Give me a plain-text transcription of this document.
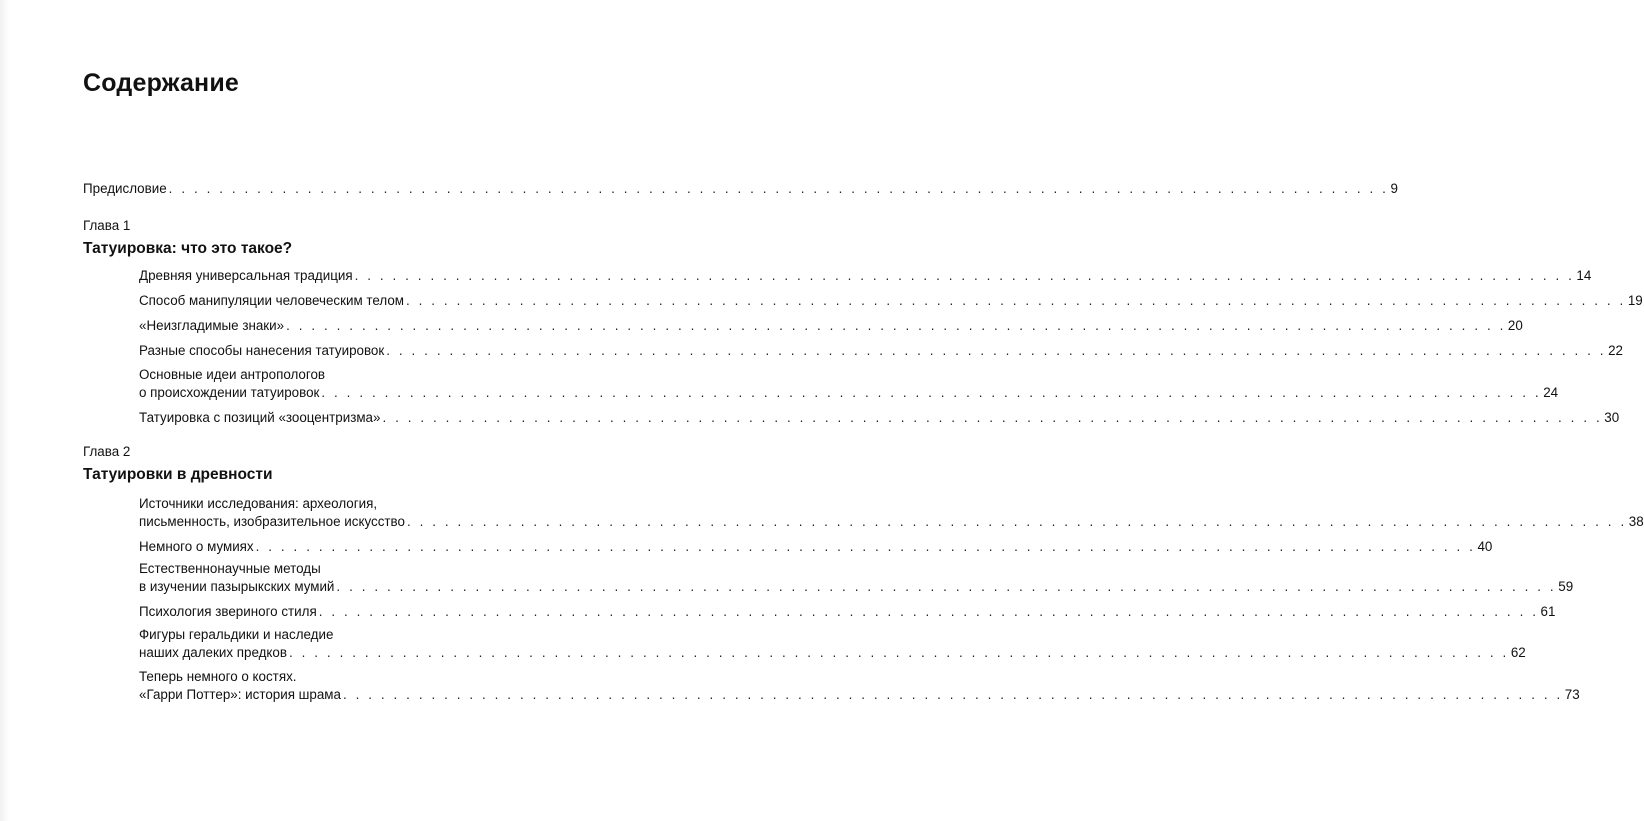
Содержание
Предисловие . . . . . . . . . . . . . . . . . . . . . . . . . . . . . . . . . . . . . . . . . . . . . . . . . . . . . . . . . . . . . . . . . . . . . . . . . . . . . . . . . . . . . . . . . . . . . . . . . 9
Глава 1
Татуировка: что это такое?
Древняя универсальная традиция . . . . . . . . . . . . . . . . . . . . . . . . . . . . . . . . . . . . . . . . . . . . . . . . . . . . . . . . . . . . . . . . . . . . . . . . . . . . . . . . . . . . . . . . . . . . . . . . . 14
Способ манипуляции человеческим телом . . . . . . . . . . . . . . . . . . . . . . . . . . . . . . . . . . . . . . . . . . . . . . . . . . . . . . . . . . . . . . . . . . . . . . . . . . . . . . . . . . . . . . . . . . . . . . . . . 19
«Неизгладимые знаки» . . . . . . . . . . . . . . . . . . . . . . . . . . . . . . . . . . . . . . . . . . . . . . . . . . . . . . . . . . . . . . . . . . . . . . . . . . . . . . . . . . . . . . . . . . . . . . . . . 20
Разные способы нанесения татуировок . . . . . . . . . . . . . . . . . . . . . . . . . . . . . . . . . . . . . . . . . . . . . . . . . . . . . . . . . . . . . . . . . . . . . . . . . . . . . . . . . . . . . . . . . . . . . . . . . 22
Основные идеи антропологов
о происхождении татуировок . . . . . . . . . . . . . . . . . . . . . . . . . . . . . . . . . . . . . . . . . . . . . . . . . . . . . . . . . . . . . . . . . . . . . . . . . . . . . . . . . . . . . . . . . . . . . . . . . 24
Татуировка с позиций «зооцентризма» . . . . . . . . . . . . . . . . . . . . . . . . . . . . . . . . . . . . . . . . . . . . . . . . . . . . . . . . . . . . . . . . . . . . . . . . . . . . . . . . . . . . . . . . . . . . . . . . . 30
Глава 2
Татуировки в древности
Источники исследования: археология,
письменность, изобразительное искусство . . . . . . . . . . . . . . . . . . . . . . . . . . . . . . . . . . . . . . . . . . . . . . . . . . . . . . . . . . . . . . . . . . . . . . . . . . . . . . . . . . . . . . . . . . . . . . . . . 38
Немного о мумиях . . . . . . . . . . . . . . . . . . . . . . . . . . . . . . . . . . . . . . . . . . . . . . . . . . . . . . . . . . . . . . . . . . . . . . . . . . . . . . . . . . . . . . . . . . . . . . . . . 40
Естественнонаучные методы
в изучении пазырыкских мумий . . . . . . . . . . . . . . . . . . . . . . . . . . . . . . . . . . . . . . . . . . . . . . . . . . . . . . . . . . . . . . . . . . . . . . . . . . . . . . . . . . . . . . . . . . . . . . . . . 59
Психология звериного стиля . . . . . . . . . . . . . . . . . . . . . . . . . . . . . . . . . . . . . . . . . . . . . . . . . . . . . . . . . . . . . . . . . . . . . . . . . . . . . . . . . . . . . . . . . . . . . . . . . 61
Фигуры геральдики и наследие
наших далеких предков . . . . . . . . . . . . . . . . . . . . . . . . . . . . . . . . . . . . . . . . . . . . . . . . . . . . . . . . . . . . . . . . . . . . . . . . . . . . . . . . . . . . . . . . . . . . . . . . . 62
Теперь немного о костях.
«Гарри Поттер»: история шрама . . . . . . . . . . . . . . . . . . . . . . . . . . . . . . . . . . . . . . . . . . . . . . . . . . . . . . . . . . . . . . . . . . . . . . . . . . . . . . . . . . . . . . . . . . . . . . . . . 73
